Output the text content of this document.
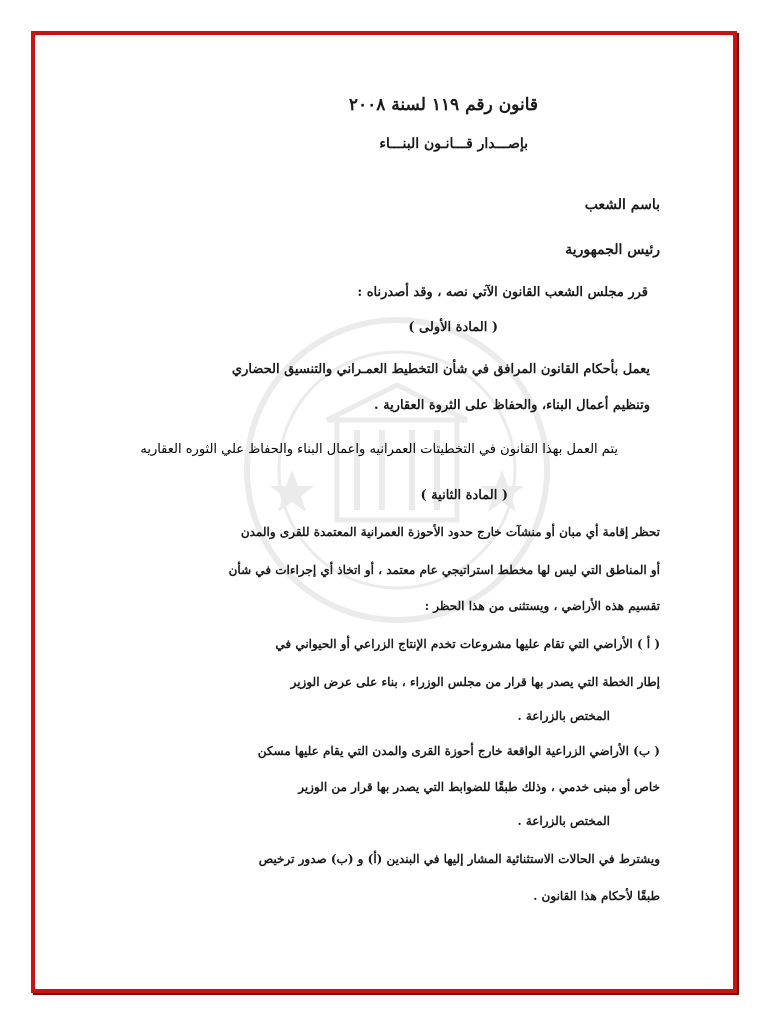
قانون رقم ١١٩ لسنة ٢٠٠٨
بإصـــدار قـــانـون البنـــاء
باسم الشعب
رئيس الجمهورية
قرر مجلس الشعب القانون الآتي نصه ، وقد أصدرناه :
( المادة الأولى )
يعمل بأحكام القانون المرافق في شأن التخطيط العمـراني والتنسيق الحضاري
وتنظيم أعمال البناء، والحفاظ على الثروة العقارية .
يتم العمل بهذا القانون في التخطيتات العمرانيه واعمال البناء والحفاظ علي الثوره العقاريه
( المادة الثانية )
تحظر إقامة أي مبان أو منشآت خارج حدود الأحوزة العمرانية المعتمدة للقرى والمدن
أو المناطق التي ليس لها مخطط استراتيجي عام معتمد ، أو اتخاذ أي إجراءات في شأن
تقسيم هذه الأراضي ، ويستثنى من هذا الحظر :
( أ ) الأراضي التي تقام عليها مشروعات تخدم الإنتاج الزراعي أو الحيواني في
إطار الخطة التي يصدر بها قرار من مجلس الوزراء ، بناء على عرض الوزير
المختص بالزراعة .
( ب) الأراضي الزراعية الواقعة خارج أحوزة القرى والمدن التي يقام عليها مسكن
خاص أو مبنى خدمي ، وذلك طبقًا للضوابط التي يصدر بها قرار من الوزير
المختص بالزراعة .
ويشترط في الحالات الاستثنائية المشار إليها في البندين (أ) و (ب) صدور ترخيص
طبقًا لأحكام هذا القانون .
